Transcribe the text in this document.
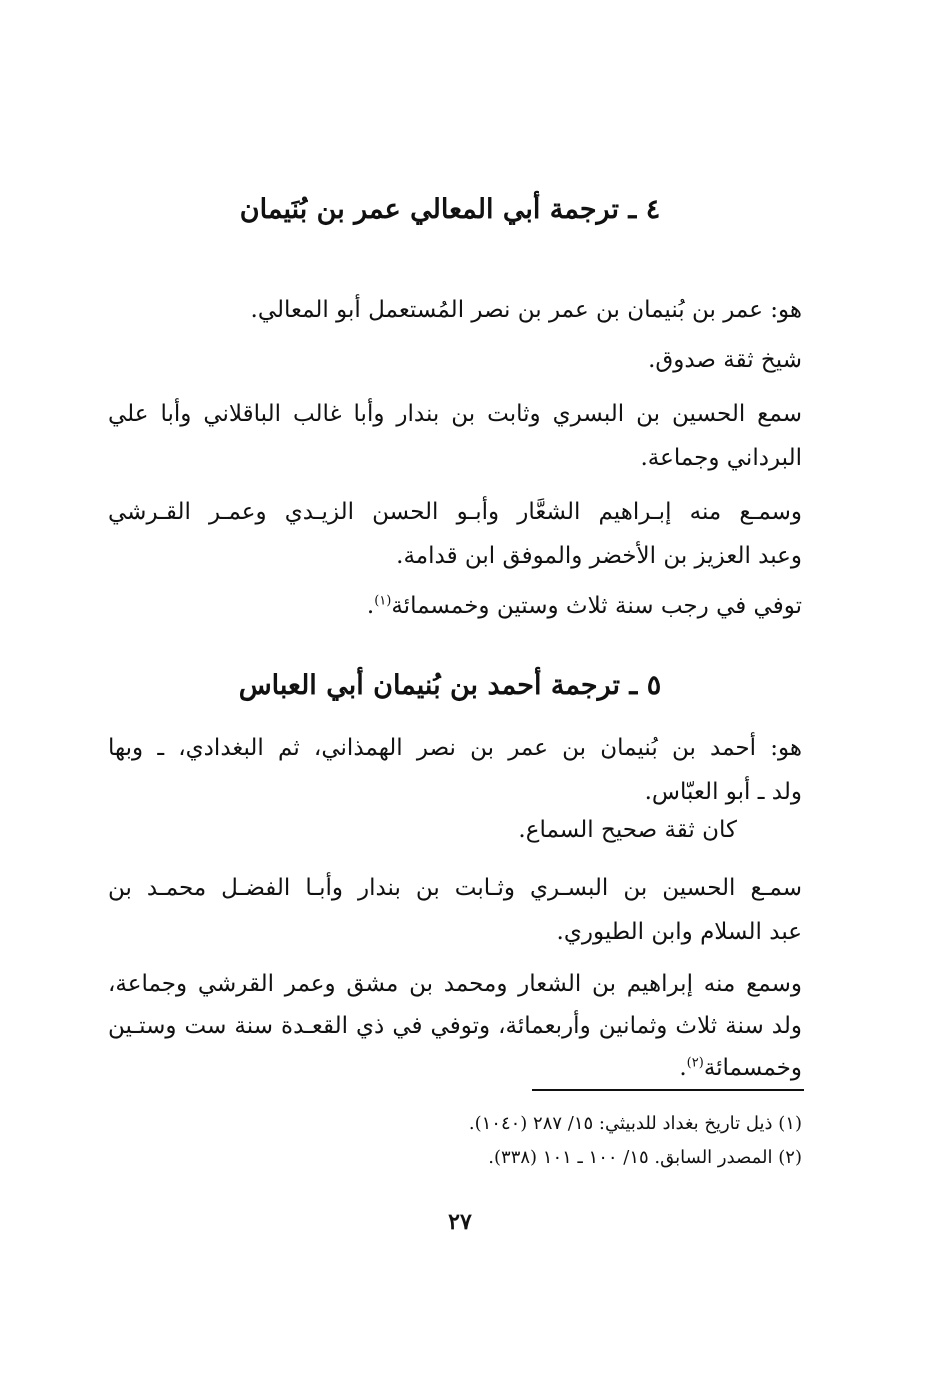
٤ ـ ترجمة أبي المعالي عمر بن بُنَيمان
هو: عمر بن بُنيمان بن عمر بن نصر المُستعمل أبو المعالي.
شيخ ثقة صدوق.
سمع الحسين بن البسري وثابت بن بندار وأبا غالب الباقلاني وأبا علي
البرداني وجماعة.
وسمـع منه إبـراهيم الشعَّار وأبـو الحسن الزيـدي وعمـر القـرشي
وعبد العزيز بن الأخضر والموفق ابن قدامة.
توفي في رجب سنة ثلاث وستين وخمسمائة$^{(١)}$.
٥ ـ ترجمة أحمد بن بُنيمان أبي العباس
هو: أحمد بن بُنيمان بن عمر بن نصر الهمذاني، ثم البغدادي، ـ وبها
ولد ـ أبو العبّاس.
كان ثقة صحيح السماع.
سمـع الحسين بن البسـري وثـابت بن بندار وأبـا الفضـل محمـد بن
عبد السلام وابن الطيوري.
وسمع منه إبراهيم بن الشعار ومحمد بن مشق وعمر القرشي وجماعة،
ولد سنة ثلاث وثمانين وأربعمائة، وتوفي في ذي القعـدة سنة ست وستـين
وخمسمائة$^{(٢)}$.
(١) ذيل تاريخ بغداد للدبيثي: ١٥/ ٢٨٧ (١٠٤٠).
(٢) المصدر السابق. ١٥/ ١٠٠ ـ ١٠١ (٣٣٨).
٢٧
